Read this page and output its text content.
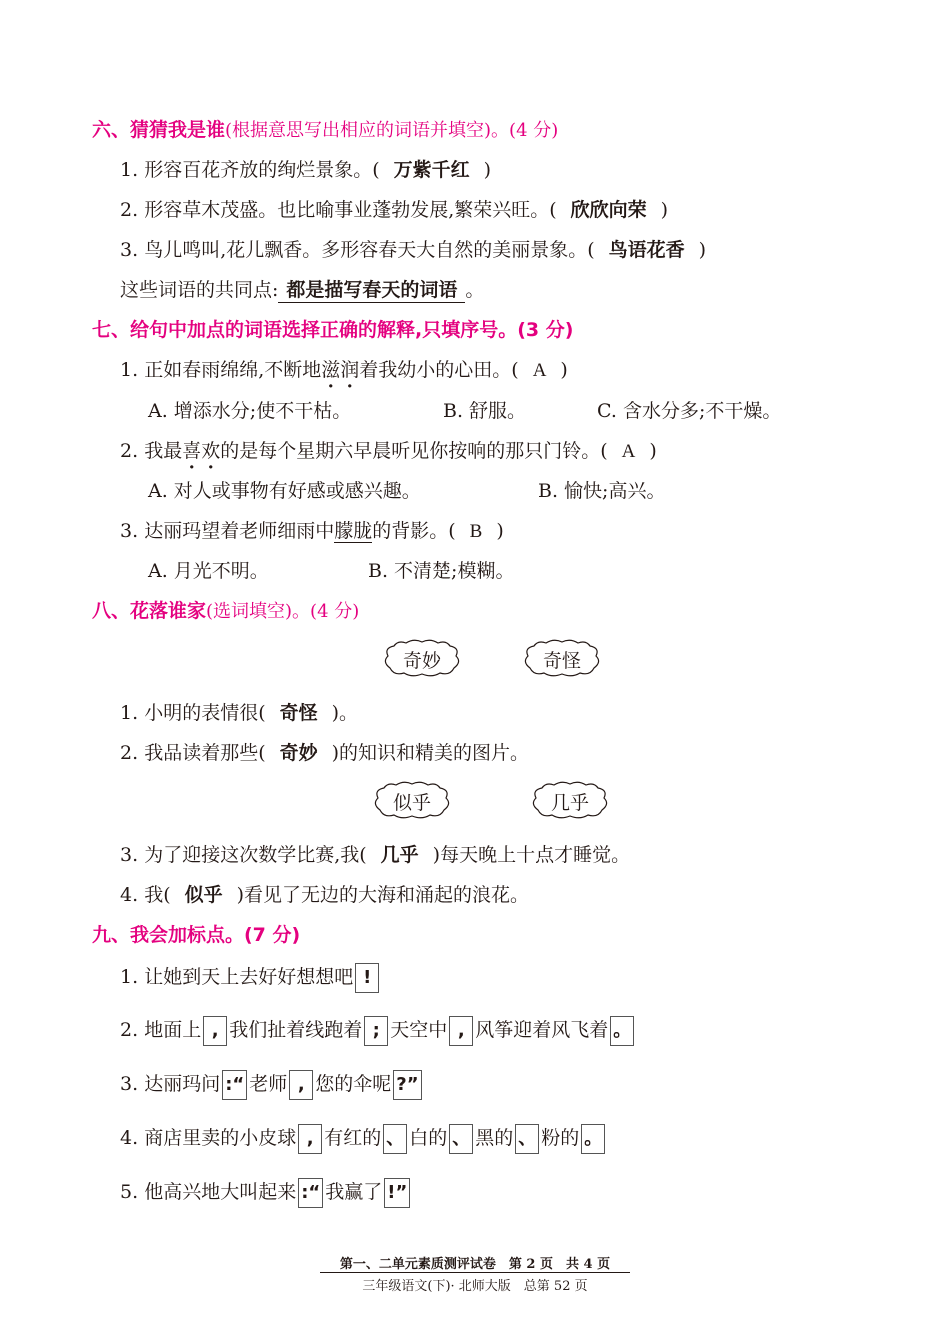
六、猜猜我是谁(根据意思写出相应的词语并填空)。(4 分)
1. 形容百花齐放的绚烂景象。( 万紫千红 )
2. 形容草木茂盛。也比喻事业蓬勃发展,繁荣兴旺。( 欣欣向荣 )
3. 鸟儿鸣叫,花儿飘香。多形容春天大自然的美丽景象。( 鸟语花香 )
这些词语的共同点: 都是描写春天的词语 。
七、给句中加点的词语选择正确的解释,只填序号。(3 分)
1. 正如春雨绵绵,不断地滋润着我幼小的心田。( A )
A. 增添水分;使不干枯。	B. 舒服。	C. 含水分多;不干燥。
2. 我最喜欢的是每个星期六早晨听见你按响的那只门铃。( A )
A. 对人或事物有好感或感兴趣。	B. 愉快;高兴。
3. 达丽玛望着老师细雨中朦胧的背影。( B )
A. 月光不明。	B. 不清楚;模糊。
八、花落谁家(选词填空)。(4 分)
奇妙	奇怪
1. 小明的表情很( 奇怪 )。
2. 我品读着那些( 奇妙 )的知识和精美的图片。
似乎	几乎
3. 为了迎接这次数学比赛,我( 几乎 )每天晚上十点才睡觉。
4. 我( 似乎 )看见了无边的大海和涌起的浪花。
九、我会加标点。(7 分)
1. 让她到天上去好好想想吧 !
2. 地面上 , 我们扯着线跑着 ; 天空中 , 风筝迎着风飞着 。
3. 达丽玛问 :“ 老师 , 您的伞呢 ?”
4. 商店里卖的小皮球 , 有红的 、 白的 、 黑的 、 粉的 。
5. 他高兴地大叫起来 :“ 我赢了 !”
第一、二单元素质测评试卷　第 2 页　共 4 页
三年级语文(下)· 北师大版　总第 52 页
